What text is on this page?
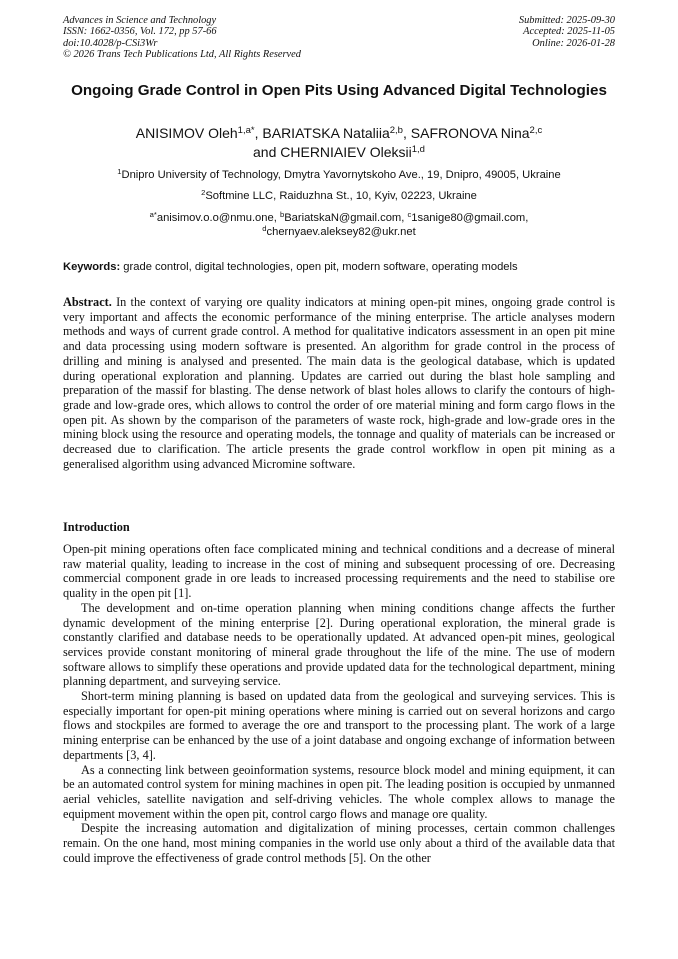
Advances in Science and Technology
ISSN: 1662-0356, Vol. 172, pp 57-66
doi:10.4028/p-CSi3Wr
© 2026 Trans Tech Publications Ltd, All Rights Reserved
Submitted: 2025-09-30
Accepted: 2025-11-05
Online: 2026-01-28
Ongoing Grade Control in Open Pits Using Advanced Digital Technologies
ANISIMOV Oleh$^{1,a*}$, BARIATSKA Nataliia$^{2,b}$, SAFRONOVA Nina$^{2,c}$
and CHERNIAIEV Oleksii$^{1,d}$
$^1$Dnipro University of Technology, Dmytra Yavornytskoho Ave., 19, Dnipro, 49005, Ukraine
$^2$Softmine LLC, Raiduzhna St., 10, Kyiv, 02223, Ukraine
$^{a*}$anisimov.o.o@nmu.one, $^b$BariatskaN@gmail.com, $^c$1sanige80@gmail.com,
$^d$chernyaev.aleksey82@ukr.net
Keywords: grade control, digital technologies, open pit, modern software, operating models

Abstract. In the context of varying ore quality indicators at mining open-pit mines, ongoing grade control is very important and affects the economic performance of the mining enterprise. The article analyses modern methods and ways of current grade control. A method for qualitative indicators assessment in an open pit mine and data processing using modern software is presented. An algorithm for grade control in the process of drilling and mining is analysed and presented. The main data is the geological database, which is updated during operational exploration and planning. Updates are carried out during the blast hole sampling and preparation of the massif for blasting. The dense network of blast holes allows to clarify the contours of high-grade and low-grade ores, which allows to control the order of ore material mining and form cargo flows in the open pit. As shown by the comparison of the parameters of waste rock, high-grade and low-grade ores in the mining block using the resource and operating models, the tonnage and quality of materials can be increased or decreased due to clarification. The article presents the grade control workflow in open pit mining as a generalised algorithm using advanced Micromine software.

Introduction

Open-pit mining operations often face complicated mining and technical conditions and a decrease of mineral raw material quality, leading to increase in the cost of mining and subsequent processing of ore. Decreasing commercial component grade in ore leads to increased processing requirements and the need to stabilise ore quality in the open pit [1].

The development and on-time operation planning when mining conditions change affects the further dynamic development of the mining enterprise [2]. During operational exploration, the mineral grade is constantly clarified and database needs to be operationally updated. At advanced open-pit mines, geological services provide constant monitoring of mineral grade throughout the life of the mine. The use of modern software allows to simplify these operations and provide updated data for the technological department, mining planning department, and surveying service.

Short-term mining planning is based on updated data from the geological and surveying services. This is especially important for open-pit mining operations where mining is carried out on several horizons and cargo flows and stockpiles are formed to average the ore and transport to the processing plant. The work of a large mining enterprise can be enhanced by the use of a joint database and ongoing exchange of information between departments [3, 4].

As a connecting link between geoinformation systems, resource block model and mining equipment, it can be an automated control system for mining machines in open pit. The leading position is occupied by unmanned aerial vehicles, satellite navigation and self-driving vehicles. The whole complex allows to manage the equipment movement within the open pit, control cargo flows and manage ore quality.

Despite the increasing automation and digitalization of mining processes, certain common challenges remain. On the one hand, most mining companies in the world use only about a third of the available data that could improve the effectiveness of grade control methods [5]. On the other
